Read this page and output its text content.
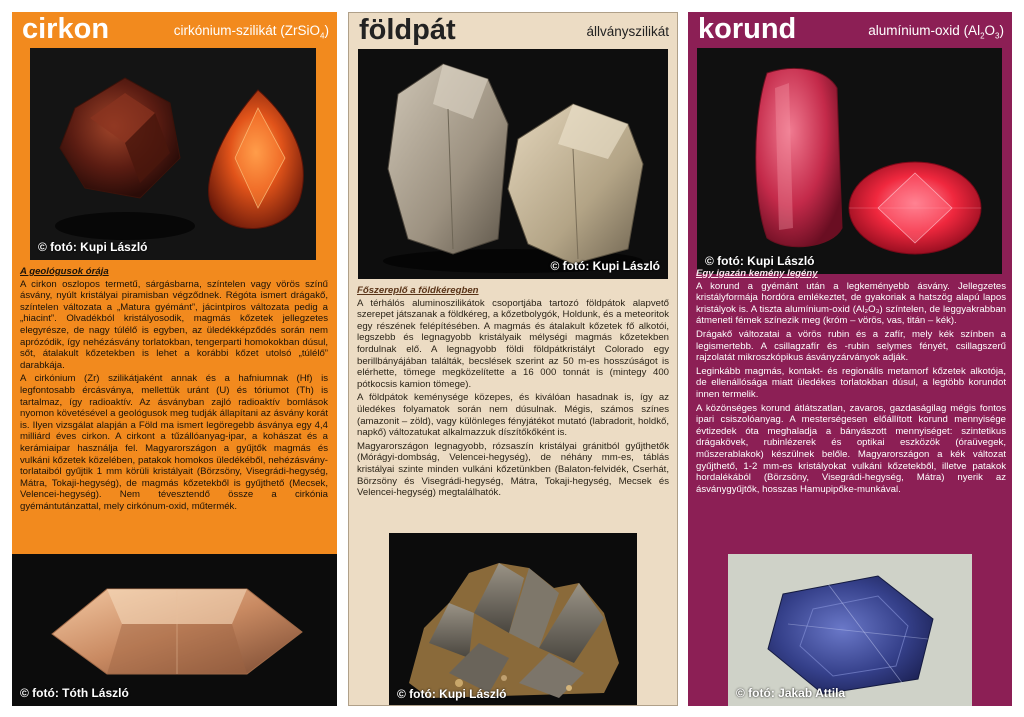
cirkon	cirkónium-szilikát (ZrSiO$_4$)
© fotó: Kupi László

A geológusok órája

A cirkon oszlopos termetű, sárgásbarna, színtelen vagy vörös színű ásvány, nyúlt kristályai piramisban végződnek. Régóta ismert drágakő, színtelen változata a „Matura gyémánt”, jácintpiros változata pedig a „hiacint”. Olvadékból kristályosodik, magmás kőzetek jellegzetes elegyrésze, de nagy túlélő is egyben, az üledékképződés során nem aprózódik, így nehézásvány torlatokban, tengerparti homokokban dúsul, sőt, átalakult kőzetekben is lehet a korábbi kőzet utolsó „túlélő” darabkája.

A cirkónium (Zr) szilikátjaként annak és a hafniumnak (Hf) is legfontosabb ércásványa, mellettük uránt (U) és tóriumot (Th) is tartalmaz, így radioaktív. Az ásványban zajló radioaktív bomlások nyomon követésével a geológusok meg tudják állapítani az ásvány korát is. Ilyen vizsgálat alapján a Föld ma ismert legöregebb ásványa egy 4,4 milliárd éves cirkon. A cirkont a tűzállóanyag-ipar, a kohászat és a kerámiaipar használja fel. Magyarországon a gyűjtők magmás és vulkáni kőzetek közelében, patakok homokos üledékéből, nehézásvány-torlataiból gyűjtik 1 mm körüli kristályait (Börzsöny, Visegrádi-hegység, Mátra, Tokaji-hegység), de magmás kőzetekből is gyűjthető (Mecsek, Velencei-hegység). Nem tévesztendő össze a cirkónia gyémántutánzattal, mely cirkónum-oxid, műtermék.

© fotó: Tóth László
földpát	állványszilikát
© fotó: Kupi László

Főszereplő a földkéregben

A térhálós aluminoszilikátok csoportjába tartozó földpátok alapvető szerepet játszanak a földkéreg, a kőzetbolygók, Holdunk, és a meteoritok egy részének felépítésében. A magmás és átalakult kőzetek fő alkotói, legszebb és legnagyobb kristályaik mélységi magmás kőzetekben fordulnak elő. A legnagyobb földi földpátkristályt Colorado egy berillbányájában találták, becslések szerint az 50 m-es hosszúságot is elérhette, tömege megközelítette a 16 000 tonnát is (mintegy 400 pótkocsis kamion tömege).

A földpátok keménysége közepes, és kiválóan hasadnak is, így az üledékes folyamatok során nem dúsulnak. Mégis, számos színes (amazonit – zöld), vagy különleges fényjátékot mutató (labradorit, holdkő, napkő) változatukat alkalmazzuk díszítőkőként is.

Magyarországon legnagyobb, rózsaszín kristályai gránitból gyűjthetők (Mórágyi-dombság, Velencei-hegység), de néhány mm-es, táblás kristályai szinte minden vulkáni kőzetünkben (Balaton-felvidék, Cserhát, Börzsöny és Visegrádi-hegység, Mátra, Tokaji-hegység, Mecsek és Velencei-hegység) megtalálhatók.

© fotó: Kupi László
korund	alumínium-oxid $(Al_2O_3)$
© fotó: Kupi László

Egy igazán kemény legény

A korund a gyémánt után a legkeményebb ásvány. Jellegzetes kristályformája hordóra emlékeztet, de gyakoriak a hatszög alapú lapos kristályok is. A tiszta alumínium-oxid (Al₂O₃) színtelen, de leggyakrabban átmeneti fémek színezik meg (króm – vörös, vas, titán – kék).

Drágakő változatai a vörös rubin és a zafír, mely kék színben a legismertebb. A csillagzafír és -rubin selymes fényét, csillagszerű rajzolatát mikroszkópikus ásványzárványok adják.

Leginkább magmás, kontakt- és regionális metamorf kőzetek alkotója, de ellenállósága miatt üledékes torlatokban dúsul, a legtöbb korundot innen termelik.

A közönséges korund átlátszatlan, zavaros, gazdaságilag mégis fontos ipari csiszolóanyag. A mesterségesen előállított korund mennyisége évtizedek óta meghaladja a bányászott mennyiséget: szintetikus drágakövek, rubinlézerek és optikai eszközök (óraüvegek, műszerablakok) készülnek belőle. Magyarországon a kék változat gyűjthető, 1-2 mm-es kristályokat vulkáni kőzetekből, illetve patakok hordalékából (Börzsöny, Visegrádi-hegység, Mátra) nyerik az ásványgyűjtők, hosszas Hamupipőke-munkával.

© fotó: Jakab Attila
